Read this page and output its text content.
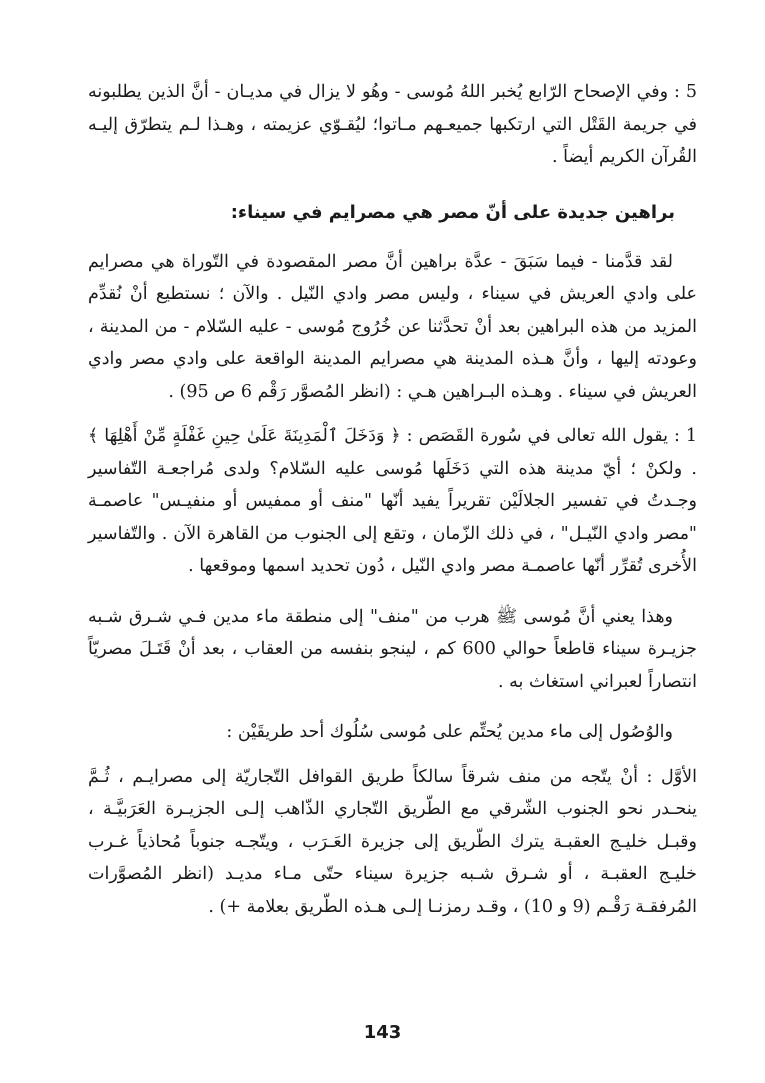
5 : وفي الإصحاح الرّابع يُخبر اللهُ مُوسى - وهُو لا يزال في مديـان - أنَّ الذين يطلبونه في جريمة القَتْل التي ارتكبها جميعـهم مـاتوا؛ ليُقـوّي عزيمته ، وهـذا لـم يتطرّق إليـه القُرآن الكريم أيضاً .

براهين جديدة على أنّ مصر هي مصرايم في سيناء:

لقد قدَّمنا - فيما سَبَقَ - عدَّة براهين أنَّ مصر المقصودة في التّوراة هي مصرايم على وادي العريش في سيناء ، وليس مصر وادي النّيل . والآن ؛ نستطيع أنْ نُقدِّم المزيد من هذه البراهين بعد أنْ تحدَّثنا عن خُرُوج مُوسى - عليه السّلام - من المدينة ، وعودته إليها ، وأنَّ هـذه المدينة هي مصرايم المدينة الواقعة على وادي مصر وادي العريش في سيناء . وهـذه البـراهين هـي : (انظر المُصوَّر رَقْم 6 ص 95) .

1 : يقول الله تعالى في سُورة القَصَص : ﴿ وَدَخَلَ ٱلْمَدِينَةَ عَلَىٰ حِينِ غَفْلَةٍ مِّنْ أَهْلِهَا ﴾ . ولكنْ ؛ أيّ مدينة هذه التي دَخَلَها مُوسى عليه السّلام؟ ولدى مُراجعـة التّفاسير وجـدتُ في تفسير الجلالَيْن تقريراً يفيد أنّها "منف أو ممفيس أو منفيـس" عاصمـة "مصر وادي النّيـل" ، في ذلك الزّمان ، وتقع إلى الجنوب من القاهرة الآن . والتّفاسير الأُخرى تُقرِّر أنّها عاصمـة مصر وادي النّيل ، دُون تحديد اسمها وموقعها .

وهذا يعني أنَّ مُوسى ﷺ هرب من "منف" إلى منطقة ماء مدين فـي شـرق شـبه جزيـرة سيناء قاطعاً حوالي 600 كم ، لينجو بنفسه من العقاب ، بعد أنْ قَتَـلَ مصريّاً انتصاراً لعبراني استغاث به .

والوُصُول إلى ماء مدين يُحتِّم على مُوسى سُلُوك أحد طريقَيْن :

الأوَّل : أنْ يتّجه من منف شرقاً سالكاً طريق القوافل التّجاريّة إلى مصرايـم ، ثُـمَّ ينحـدر نحو الجنوب الشّرقي مع الطّريق التّجاري الذّاهب إلـى الجزيـرة العَرَبيَّـة ، وقبـل خليـج العقبـة يترك الطّريق إلى جزيرة العَـرَب ، ويتّجـه جنوباً مُحاذياً غـرب خليـج العقبـة ، أو شـرق شـبه جزيرة سيناء حتّى مـاء مديـد (انظر المُصوَّرات المُرفقـة رَقْـم (9 و 10) ، وقـد رمزنـا إلـى هـذه الطّريق بعلامة +) .

143
